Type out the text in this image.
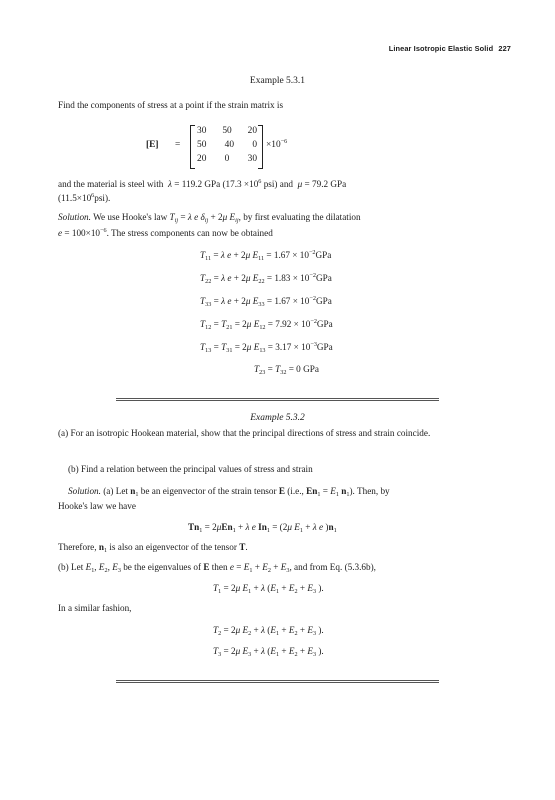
Linear Isotropic Elastic Solid 227
Example 5.3.1
Find the components of stress at a point if the strain matrix is
[E] =
30 50 20
50 40 0
20 0 30
$\times 10^{-6}$
and the material is steel with λ = 119.2 GPa ($17.3 \times 10^6$ psi) and μ = 79.2 GPa
$(11.5\times 10^6psi)$.
Solution. We use Hooke's law $T_{ij} = \lambda$ e $\delta_{ij} + 2\mu$ $E_{ij}$, by first evaluating the dilatation
$e = 100\times 10^{-6}$. The stress components can now be obtained
$T_{11} = \lambda$ e + 2μ $E_{11} = 1.67 \times 10^{-2}GPa$
$T_{22} = \lambda$ e + 2μ $E_{22} = 1.83 \times 10^{-2}GPa$
$T_{33} = \lambda$ e + 2μ $E_{33} = 1.67 \times 10^{-2}GPa$
$T_{12} = T_{21} = 2\mu$ $E_{12} = 7.92 \times 10^{-2}GPa$
$T_{13} = T_{31} = 2\mu$ $E_{13} = 3.17 \times 10^{-3}GPa$
$T_{23} = T_{32} = 0$ GPa
Example 5.3.2
(a) For an isotropic Hookean material, show that the principal directions of stress and strain coincide.
(b) Find a relation between the principal values of stress and strain
Solution. (a) Let $n_1$ be an eigenvector of the strain tensor E (i.e., $En_1 = E_1$ $n_1$). Then, by
Hooke's law we have
$Tn_1 = 2\mu En_1 + \lambda$ e $In_1 = (2\mu$ $E_1 + \lambda$ e )$n_1$
Therefore, $n_1$ is also an eigenvector of the tensor T.
(b) Let $E_1$, $E_2$, $E_3$ be the eigenvalues of E then $e = E_1 + E_2 + E_3$, and from Eq. (5.3.6b),
$T_1 = 2\mu$ $E_1 + \lambda$ ($E_1 + E_2 + E_3$ ).
In a similar fashion,
$T_2 = 2\mu$ $E_2 + \lambda$ ($E_1 + E_2 + E_3$ ).
$T_3 = 2\mu$ $E_3 + \lambda$ ($E_1 + E_2 + E_3$ ).
